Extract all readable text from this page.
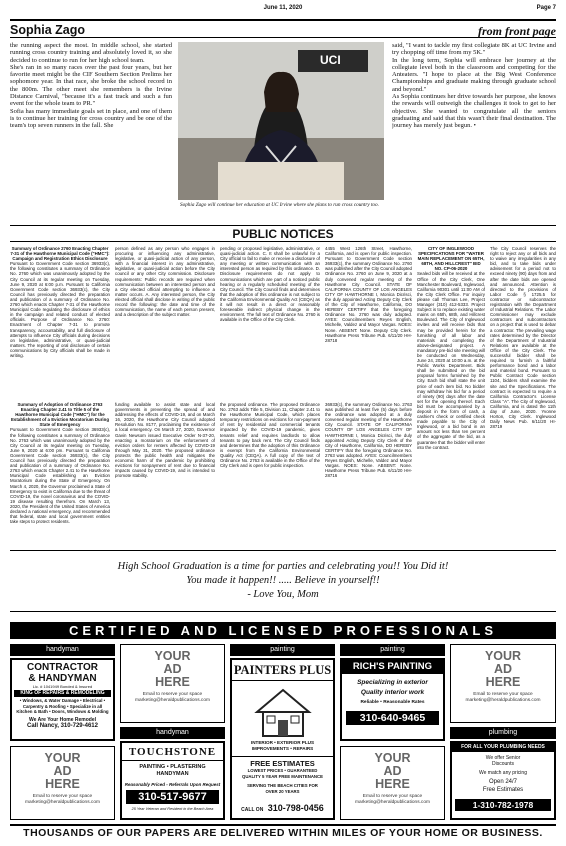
June 11, 2020	Page 7
Sophia Zago	from front page
the running aspect the most. In middle school, she started running cross country training and absolutely loved it, so she decided to continue to run for her high school team.
She's ran in so many races over the past four years, but her favorite meet might be the CIF Southern Section Prelims her sophomore year. In that race, she broke the school record in the 800m. The other meet she remembers is the Irvine Distance Carnival, "because it's a fast track and such a fun event for the whole team to PR."
Sofia has many immediate goals set in place, and one of them is to continue her training for cross country and be one of the team's top seven runners in the fall. She
UCI
Sophia Zago will continue her education at UC Irvine where she plans to run cross country too.
said, "I want to tackle my first collegiate 8K at UC Irvine and try chopping off time from my 5K."
In the long term, Sophia will embrace her journey at the collegiate level both in the classroom and competing for the Anteaters. "I hope to place at the Big West Conference Championships and graduate making through graduate school and beyond."
As Sophia continues her drive towards her purpose, she knows the rewards will outweigh the challenges it took to get to her objective. She wanted to congratulate all the seniors graduating and said that this wasn't their final destination. The journey has merely just begun. •
PUBLIC NOTICES
Summary of Ordinance 2760 Enacting Chapter 7-31 of the Hawthorne Municipal Code ("HMC"): Campaign and Registration Ethics Disclosure
Pursuant to Government Code section 36933(c), the following constitutes a summary of Ordinance No. 2760 which was unanimously adopted by the City Council at its regular meeting on Tuesday, June 9, 2020 at 6:00 p.m. Pursuant to California Government Code section 36933(c), the City Council has previously directed the preparation and publication of a summary of Ordinance No. 2760 which enacts Chapter 7-31 of the Hawthorne Municipal Code regulating the disclosure of ethics in the campaign and related conduct of elected officials. Purpose of Ordinance No. 2760: Enactment of Chapter 7-31 to promote transparency, accountability, and full disclosure of attempts to influence City officials during decisions on legislative, administrative, or quasi-judicial matters. The reporting of oral disclosure of certain communications by City officials shall be made in writing.
person defined as any person who engages in procuring or influencing any administrative, legislative, or quasi-judicial action of any person, with a financial interest in any administrative, legislative, or quasi-judicial action before the City council or any other City commission. Disclosure requirements: Public records are required when communication between an interested person and a City elected official attempting to influence a matter occurs. A. Any interested person, the City elected official shall disclose in writing of the public record the following: the date and time of the communication, the name of each person present, and a description of the subject matter.
pending or proposed legislative, administrative, or quasi-judicial action. C. It shall be unlawful for a City official to fail to make or receive a disclosure of any meeting or written communication with an interested person as required by this ordinance. D. Disclosure requirements do not apply to communications which are part of a noticed public hearing or a regularly scheduled meeting of the City Council. The City Council finds and determines that the adoption of this ordinance is not subject to the California Environmental Quality Act (CEQA) as it will not result in a direct or reasonably foreseeable indirect physical change in the environment. The full text of Ordinance No. 2760 is available in the Office of the City Clerk.
4455 West 126th Street, Hawthorne, California, and is open for public inspection. Pursuant to Government Code section 36933(c), the summary Ordinance No. 2760 was published after the City Council adopted Ordinance No. 2760 on June 9, 2020 at a duly convened regular meeting of the Hawthorne City Council. STATE OF CALIFORNIA COUNTY OF LOS ANGELES CITY OF HAWTHORNE I, Monica Dicrisci, the duly appointed Acting Deputy City Clerk of the City of Hawthorne, California, DO HEREBY CERTIFY that the foregoing Ordinance No. 2760 was duly adopted. AYES: Councilmembers Reyes English, Michelle, Valdez and Mayor Vargas. NOES: None. ABSENT: None. Deputy City Clerk. Hawthorne Press Tribune Pub. 6/11/20 HH-28718
Summary of Adoption of Ordinance 2763 Enacting Chapter 2.41 to Title 5 of the Hawthorne Municipal Code ("HMC") for the Establishment of a Eviction Moratorium During State of Emergency
Pursuant to Government Code section 36933(c), the following constitutes a summary of Ordinance No. 2763 which was unanimously adopted by the City Council at its regular meeting on Tuesday, June 9, 2020 at 6:00 pm. Pursuant to California Government Code section 36933(c), the City Council has previously directed the preparation and publication of a summary of Ordinance No. 2763 which enacts Chapter 2.41 to the Hawthorne Municipal Code establishing an Eviction Moratorium during the State of Emergency. On March 4, 2020, the Governor proclaimed a State of Emergency to exist in California due to the threat of COVID-19, the novel coronavirus and the COVID-19 disease resulting therefrom. On March 13, 2020, the President of the United States of America declared a national emergency, and recommended that federal, state and local government entities take steps to protect residents.
funding available to assist state and local governments in preventing the spread of and addressing the effects of COVID-19, and on March 16, 2020, the Hawthorne City Council adopted Resolution No. 8177, proclaiming the existence of a local emergency. On March 27, 2020, Governor Gavin Newsom issued Executive Order N-37-20, enacting a moratorium on the enforcement of eviction orders for renters affected by COVID-19 through May 31, 2020. The proposed ordinance protects the public health and mitigates the economic harm of the pandemic by prohibiting evictions for nonpayment of rent due to financial impacts caused by COVID-19, and is intended to promote stability.
the proposed ordinance. The proposed Ordinance No. 2763 adds Title 5, Division 11, Chapter 2.41 to the Hawthorne Municipal Code, which places temporary restrictions on evictions for non-payment of rent by residential and commercial tenants impacted by the COVID-19 pandemic, gives tenants relief and requires landlords to allow tenants to pay back rent. The City Council finds and determines that the adoption of this Ordinance is exempt from the California Environmental Quality Act (CEQA). A full copy of the text of Ordinance No. 2763 is available in the Office of the City Clerk and is open for public inspection.
36933(c), the summary Ordinance No. 2763 was published at least five (5) days before the ordinance was adopted at a duly convened regular meeting of the Hawthorne City Council. STATE OF CALIFORNIA COUNTY OF LOS ANGELES CITY OF HAWTHORNE I, Monica Dicrisci, the duly appointed Acting Deputy City Clerk of the City of Hawthorne, California, DO HEREBY CERTIFY that the foregoing Ordinance No. 2763 was adopted. AYES: Councilmembers Reyes English, Michelle, Valdez and Mayor Vargas. NOES: None. ABSENT: None. Hawthorne Press Tribune Pub. 6/11/20 HH-28716
CITY OF INGLEWOOD SPECIFICATIONS FOR "WATER MAIN REPLACEMENT ON 65TH, 68TH, AND HILLCREST" BID NO. CP-06-2020
Sealed bids will be received at the Office of the City Clerk, One Manchester Boulevard, Inglewood, California 90301 until 11:00 AM of the City Clerk Office. For inquiry please call Thomas Lee, Project Manager (310) 412-5333. Project Subject is to replace existing water mains on 65th, 68th, and Hillcrest Boulevard. The City of Inglewood invites and will receive bids that may be provided herein for the furnishing of all labor and materials and completing the above-designated project. A mandatory pre-bid site meeting will be conducted on Wednesday, June 24, 2020 at 10:00 a.m. at the Public Works Department. Bids shall be submitted on the bid proposal forms furnished by the City. Each bid shall state the unit price of each item bid. No bidder may withdraw his bid for a period of ninety (90) days after the date set for the opening thereof. Each bid must be accompanied by a deposit in the form of cash, a cashier's check or certified check made payable to the City of Inglewood, or a bid bond in an amount not less than ten percent of the aggregate of the bid, as a guarantee that the bidder will enter into the contract.
The City Council reserves the right to reject any or all bids and to waive any irregularities in any bid, and to take bids under advisement for a period not to exceed ninety (90) days from and after the date bids are opened and announced. Attention is directed to the provisions of Labor Code § 1725.5 for contractor or subcontractor registration with the Department of Industrial Relations. The Labor Commissioner may exclude contractors and subcontractors on a project that is used to debar a contractor. The prevailing wage rates determined by the Director of the Department of Industrial Relations are available at the Office of the City Clerk. The successful bidder shall be required to furnish a faithful performance bond and a labor and material bond. Pursuant to Public Contract Code section 1104, bidders shall examine the site and the Specifications. The contract is expected to require a California Contractor's License Class "A". The City of Inglewood, California, and is dated the 11th day of June, 2020. Yvonne Horton, City Clerk. Inglewood Daily News Pub. 6/11/20 HI-28719
High School Graduation is a time for parties and celebrating you!! You Did it!
You made it happen!! ..... Believe in yourself!!
- Love You, Mom
CERTIFIED AND LICENSED PROFESSIONALS
handyman
CONTRACTOR
& HANDYMAN
Lic. # 1041949 Bonded & Insured
KING OF REPAIRS & REMODELING
• Windows, & Water Damage • Electrical • Carpentry & Roofing • Specialize in all Kitchen & Bath • Doors, Windows & Molding
We Are Your Home Remodel
Call Nancy, 310-729-4612
YOUR
AD
HERE
Email to reserve your space
marketing@heraldpublications.com
YOUR
AD
HERE
Email to reserve your space
marketing@heraldpublications.com
handyman
TOUCHSTONE
PAINTING • PLASTERING HANDYMAN
Reasonably Priced - Referrals Upon Request
310-517-9677
25 Year Veteran and Resident in the Beach Area
painting
PAINTERS PLUS
INTERIOR • EXTERIOR PLUS IMPROVEMENTS • REPAIRS
FREE ESTIMATES
LOWEST PRICES • GUARANTEED QUALITY 5 YEAR FREE MAINTENANCE
SERVING THE BEACH CITIES FOR OVER 20 YEARS
CALL ON 310-798-0456
painting
RICH'S PAINTING
Specializing in exterior
Quality interior work
Reliable • Reasonable Rates
310-640-9465
YOUR
AD
HERE
Email to reserve your space
marketing@heraldpublications.com
YOUR
AD
HERE
Email to reserve your space
marketing@heraldpublications.com
plumbing
FOR ALL YOUR PLUMBING NEEDS
We offer Senior Discounts
We match any pricing
Open 24/7
Free Estimates
1-310-782-1978
THOUSANDS OF OUR PAPERS ARE DELIVERED WITHIN MILES OF YOUR HOME OR BUSINESS.
